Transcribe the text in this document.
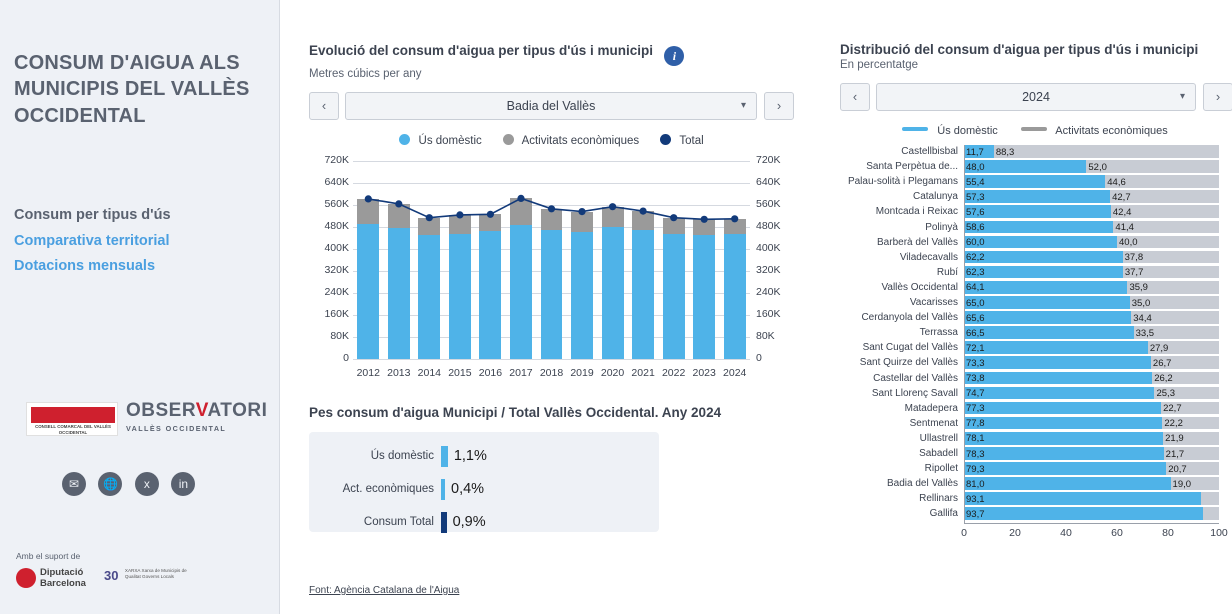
CONSUM D'AIGUA ALS MUNICIPIS DEL VALLÈS OCCIDENTAL
Consum per tipus d'ús
Comparativa territorial
Dotacions mensuals
CONSELL COMARCAL DEL VALLÈS OCCIDENTAL
OBSERVATORI
VALLÈS OCCIDENTAL
✉ 🌐 x in
Amb el suport de
Diputació
Barcelona
30 XARXA Xarxa de Municipis de Qualitat Governs Locals
Evolució del consum d'aigua per tipus d'ús i municipi i
Metres cúbics per any
‹	Badia del Vallès	▾	›
Ús domèstic	Activitats econòmiques	Total
0	0
80K	80K
160K	160K
240K	240K
320K	320K
400K	400K
480K	480K
560K	560K
640K	640K
720K	720K
2012 2013 2014 2015 2016 2017 2018 2019 2020 2021 2022 2023 2024
Pes consum d'aigua Municipi / Total Vallès Occidental. Any 2024
Ús domèstic 1,1%
Act. econòmiques 0,4%
Consum Total 0,9%
Font: Agència Catalana de l'Aigua
Distribució del consum d'aigua per tipus d'ús i municipi
En percentatge
‹	2024	▾	›
Ús domèstic	Activitats econòmiques
Castellbisbal 11,7 88,3
Santa Perpètua de... 48,0	52,0
Palau-solità i Plegamans 55,4	44,6
Catalunya 57,3	42,7
Montcada i Reixac 57,6	42,4
Polinyà 58,6	41,4
Barberà del Vallès 60,0	40,0
Viladecavalls 62,2	37,8
Rubí 62,3	37,7
Vallès Occidental 64,1	35,9
Vacarisses 65,0	35,0
Cerdanyola del Vallès 65,6	34,4
Terrassa 66,5	33,5
Sant Cugat del Vallès 72,1	27,9
Sant Quirze del Vallès 73,3	26,7
Castellar del Vallès 73,8	26,2
Sant Llorenç Savall 74,7	25,3
Matadepera 77,3	22,7
Sentmenat 77,8	22,2
Ullastrell 78,1	21,9
Sabadell 78,3	21,7
Ripollet 79,3	20,7
Badia del Vallès 81,0	19,0
Rellinars 93,1
Gallifa 93,7
0	20	40	60	80	100
